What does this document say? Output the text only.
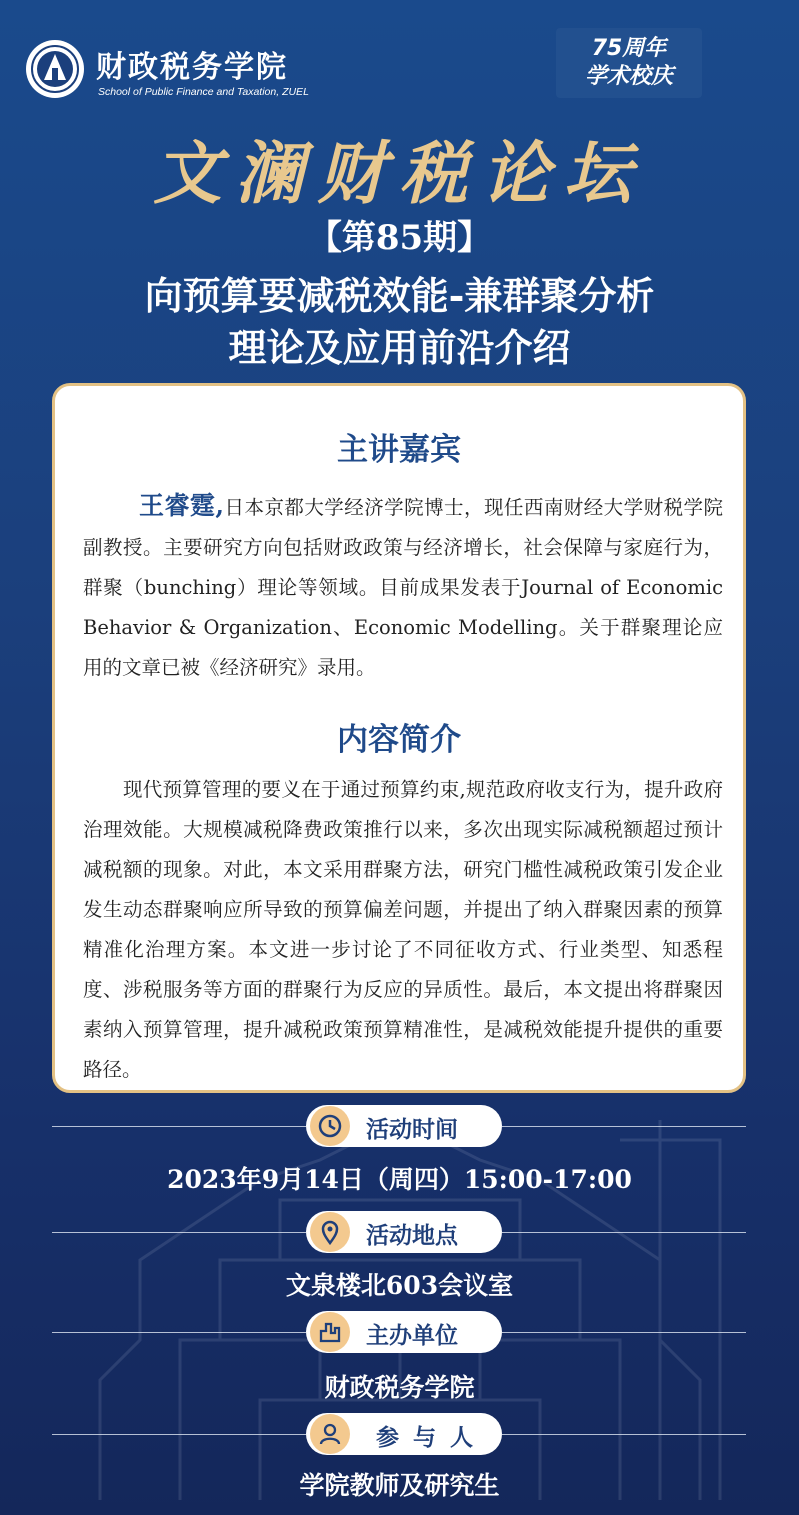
财政税务学院
School of Public Finance and Taxation, ZUEL
75周年
学术校庆
文澜财税论坛
【第85期】
向预算要减税效能-兼群聚分析
理论及应用前沿介绍
主讲嘉宾
王睿霆,日本京都大学经济学院博士，现任西南财经大学财税学院副教授。主要研究方向包括财政政策与经济增长，社会保障与家庭行为，群聚（bunching）理论等领域。目前成果发表于Journal of Economic Behavior & Organization、Economic Modelling。关于群聚理论应用的文章已被《经济研究》录用。
内容简介
现代预算管理的要义在于通过预算约束,规范政府收支行为，提升政府治理效能。大规模减税降费政策推行以来，多次出现实际减税额超过预计减税额的现象。对此，本文采用群聚方法，研究门槛性减税政策引发企业发生动态群聚响应所导致的预算偏差问题，并提出了纳入群聚因素的预算精准化治理方案。本文进一步讨论了不同征收方式、行业类型、知悉程度、涉税服务等方面的群聚行为反应的异质性。最后，本文提出将群聚因素纳入预算管理，提升减税政策预算精准性，是减税效能提升提供的重要路径。
活动时间
2023年9月14日（周四）15:00-17:00
活动地点
文泉楼北603会议室
主办单位
财政税务学院
参与人
学院教师及研究生
